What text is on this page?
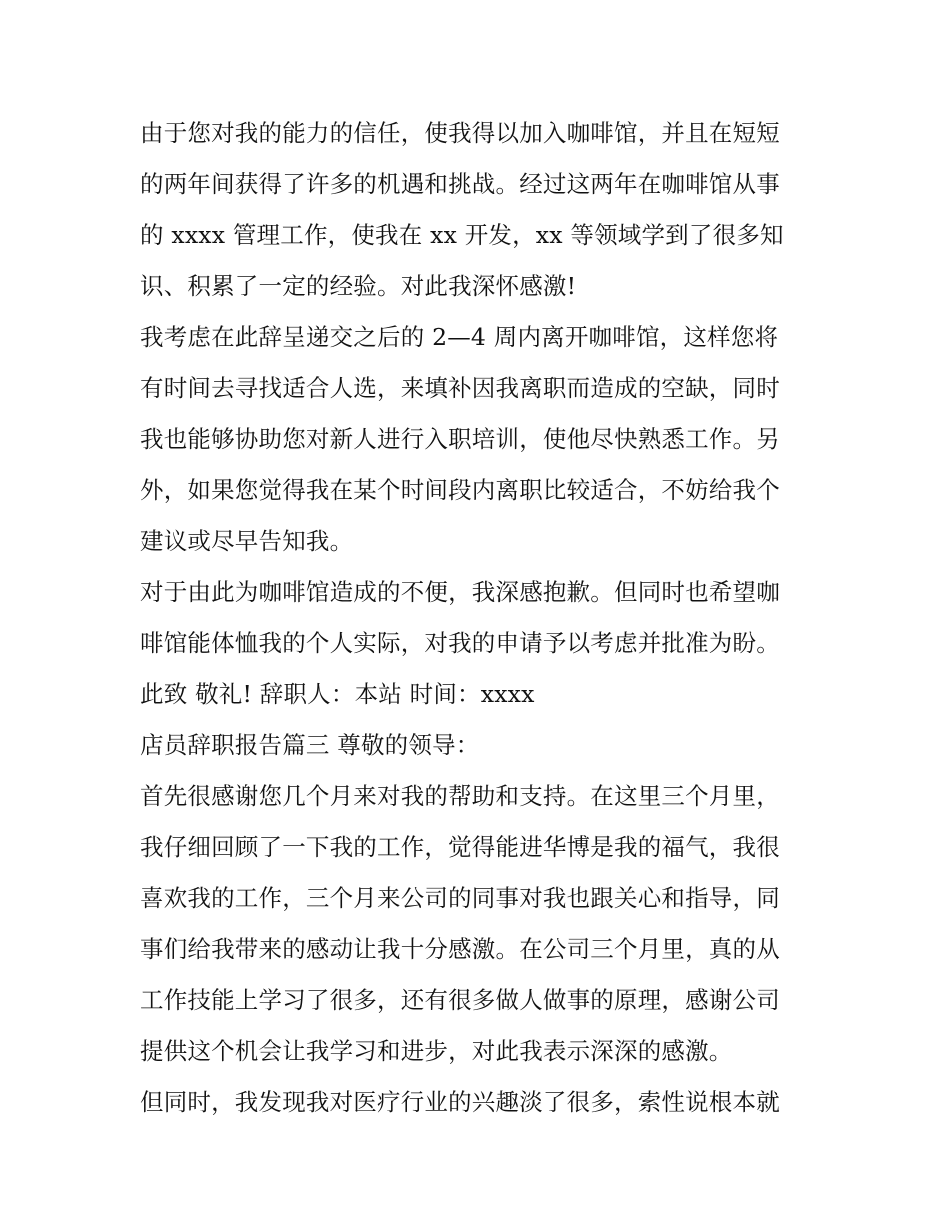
由于您对我的能力的信任，使我得以加入咖啡馆，并且在短短
的两年间获得了许多的机遇和挑战。经过这两年在咖啡馆从事
的 xxxx 管理工作，使我在 xx 开发，xx 等领域学到了很多知
识、积累了一定的经验。对此我深怀感激!
我考虑在此辞呈递交之后的 2—4 周内离开咖啡馆，这样您将
有时间去寻找适合人选，来填补因我离职而造成的空缺，同时
我也能够协助您对新人进行入职培训，使他尽快熟悉工作。另
外，如果您觉得我在某个时间段内离职比较适合，不妨给我个
建议或尽早告知我。
对于由此为咖啡馆造成的不便，我深感抱歉。但同时也希望咖
啡馆能体恤我的个人实际，对我的申请予以考虑并批准为盼。
此致 敬礼! 辞职人：本站 时间：xxxx
店员辞职报告篇三 尊敬的领导：
首先很感谢您几个月来对我的帮助和支持。在这里三个月里，
我仔细回顾了一下我的工作，觉得能进华博是我的福气，我很
喜欢我的工作，三个月来公司的同事对我也跟关心和指导，同
事们给我带来的感动让我十分感激。在公司三个月里，真的从
工作技能上学习了很多，还有很多做人做事的原理，感谢公司
提供这个机会让我学习和进步，对此我表示深深的感激。
但同时，我发现我对医疗行业的兴趣淡了很多，索性说根本就
